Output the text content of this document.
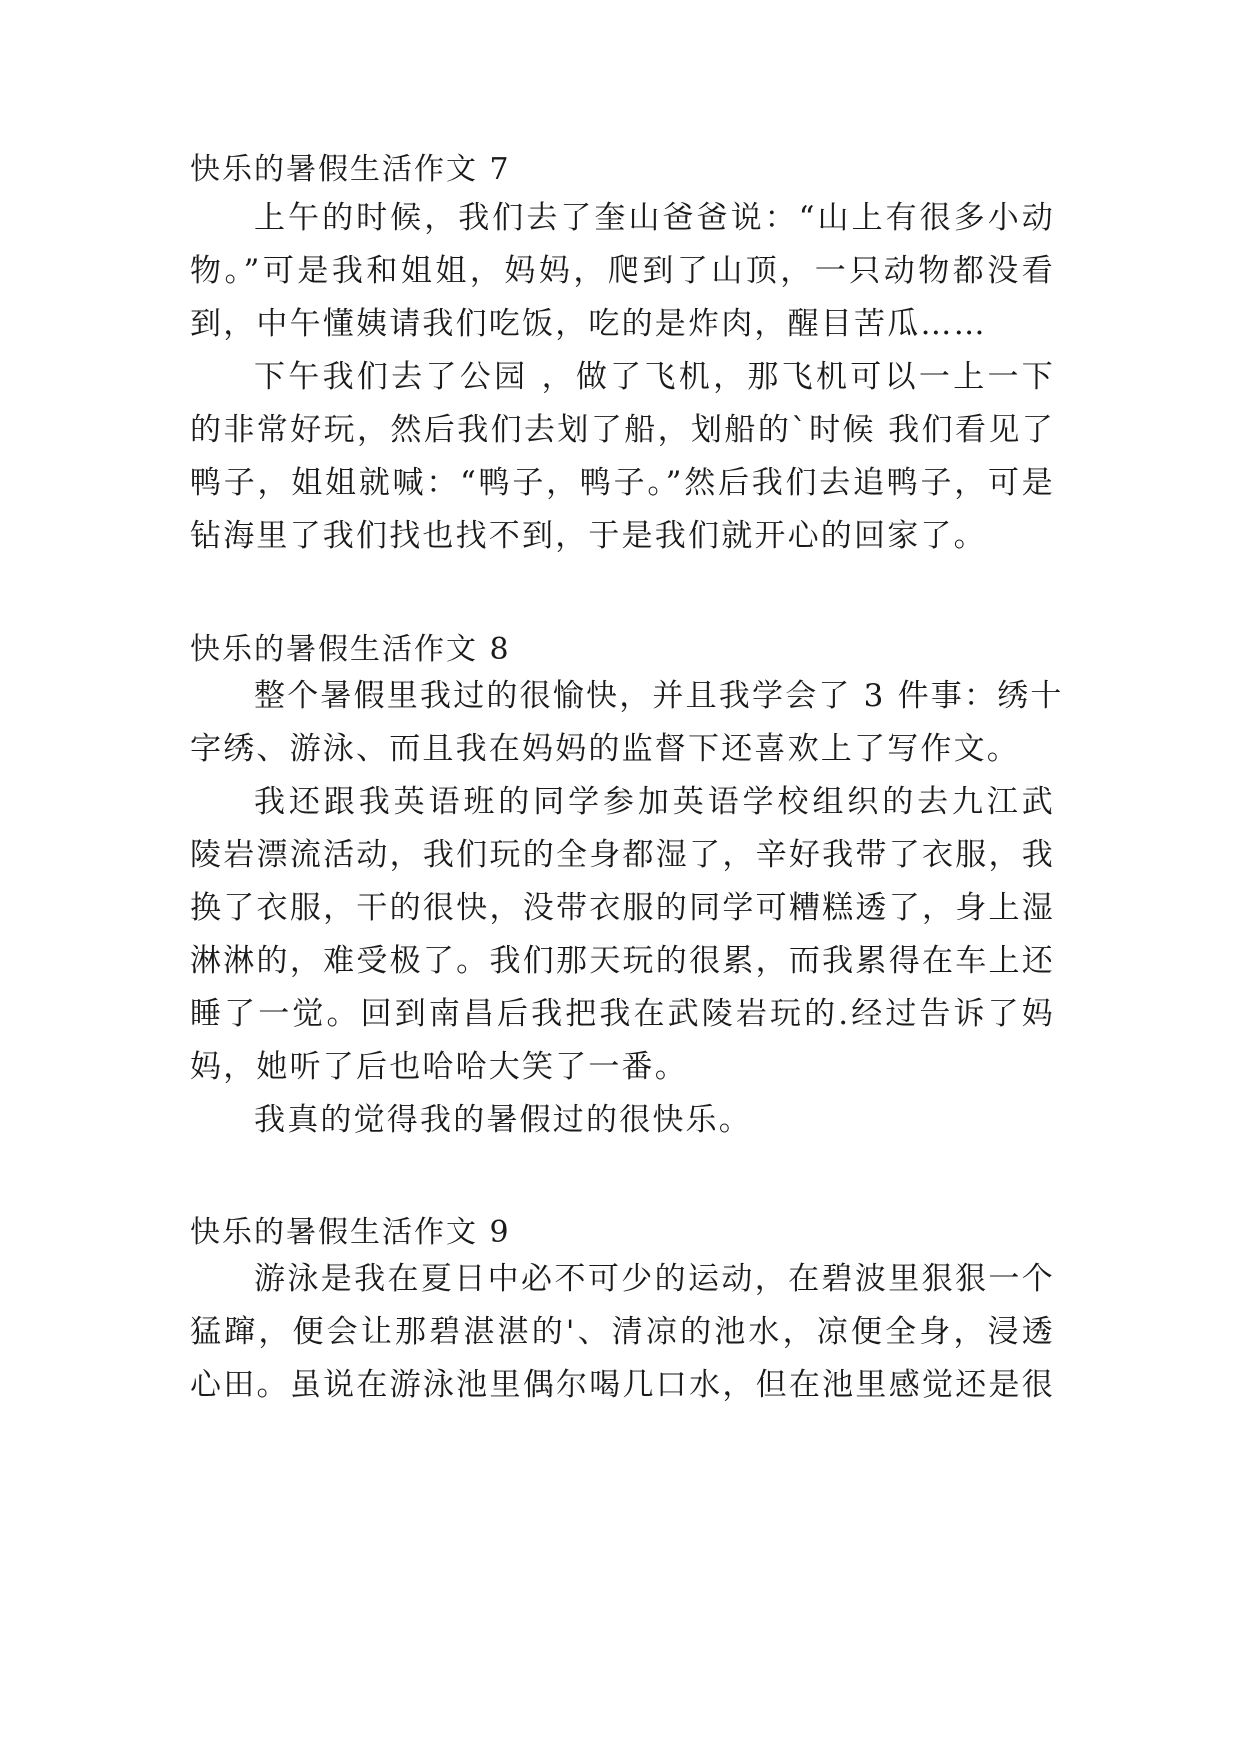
快乐的暑假生活作文 7
上午的时候，我们去了奎山爸爸说：“山上有很多小动
物。”可是我和姐姐，妈妈，爬到了山顶，一只动物都没看
到，中午懂姨请我们吃饭，吃的是炸肉，醒目苦瓜……
下午我们去了公园 ，做了飞机，那飞机可以一上一下
的非常好玩，然后我们去划了船，划船的`时候 我们看见了
鸭子，姐姐就喊：“鸭子，鸭子。”然后我们去追鸭子，可是
钻海里了我们找也找不到，于是我们就开心的回家了。
快乐的暑假生活作文 8
整个暑假里我过的很愉快，并且我学会了 3 件事：绣十
字绣、游泳、而且我在妈妈的监督下还喜欢上了写作文。
我还跟我英语班的同学参加英语学校组织的去九江武
陵岩漂流活动，我们玩的全身都湿了，辛好我带了衣服，我
换了衣服，干的很快，没带衣服的同学可糟糕透了，身上湿
淋淋的，难受极了。我们那天玩的很累，而我累得在车上还
睡了一觉。回到南昌后我把我在武陵岩玩的.经过告诉了妈
妈，她听了后也哈哈大笑了一番。
我真的觉得我的暑假过的很快乐。
快乐的暑假生活作文 9
游泳是我在夏日中必不可少的运动，在碧波里狠狠一个
猛蹿，便会让那碧湛湛的'、清凉的池水，凉便全身，浸透
心田。虽说在游泳池里偶尔喝几口水，但在池里感觉还是很
